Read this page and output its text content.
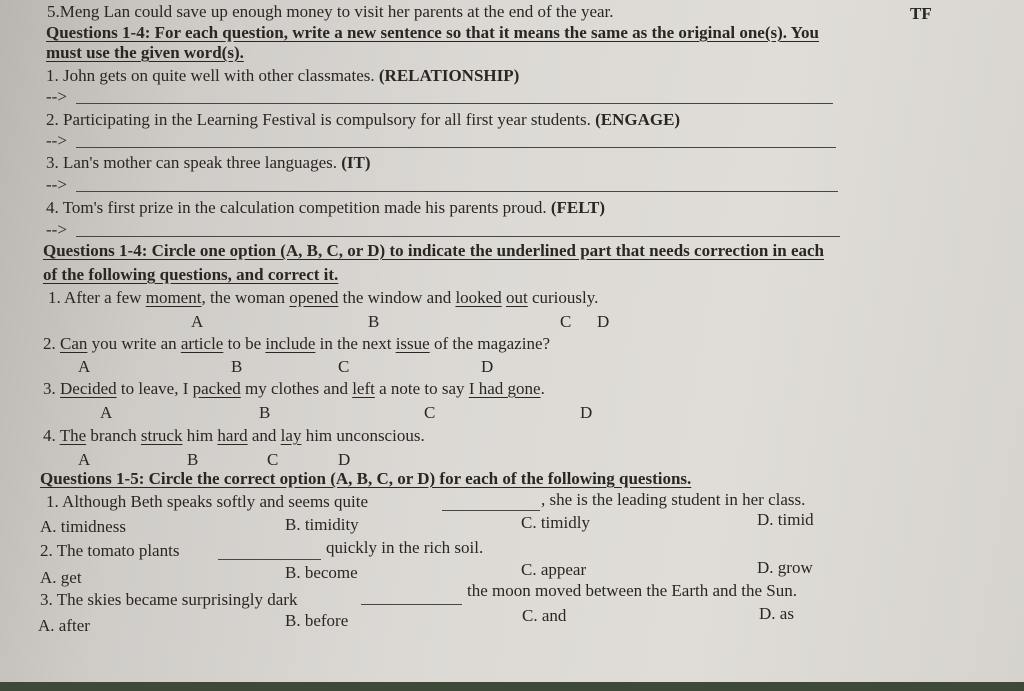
5.Meng Lan could save up enough money to visit her parents at the end of the year.	TF
Questions 1-4: For each question, write a new sentence so that it means the same as the original one(s). You
must use the given word(s).
1. John gets on quite well with other classmates. (RELATIONSHIP)
-->
2. Participating in the Learning Festival is compulsory for all first year students. (ENGAGE)
-->
3. Lan's mother can speak three languages. (IT)
-->
4. Tom's first prize in the calculation competition made his parents proud. (FELT)
-->
Questions 1-4: Circle one option (A, B, C, or D) to indicate the underlined part that needs correction in each
of the following questions, and correct it.
1. After a few moment, the woman opened the window and looked out curiously.
A	B	C D
2. Can you write an article to be include in the next issue of the magazine?
A	B	C	D
3. Decided to leave, I packed my clothes and left a note to say I had gone.
A	B	C	D
4. The branch struck him hard and lay him unconscious.
A	B	C	D
Questions 1-5: Circle the correct option (A, B, C, or D) for each of the following questions.
1. Although Beth speaks softly and seems quite	, she is the leading student in her class.
A. timidness	B. timidity	C. timidly	D. timid
2. The tomato plants	quickly in the rich soil.
A. get	B. become	C. appear	D. grow
3. The skies became surprisingly dark	the moon moved between the Earth and the Sun.
A. after	B. before	C. and	D. as
